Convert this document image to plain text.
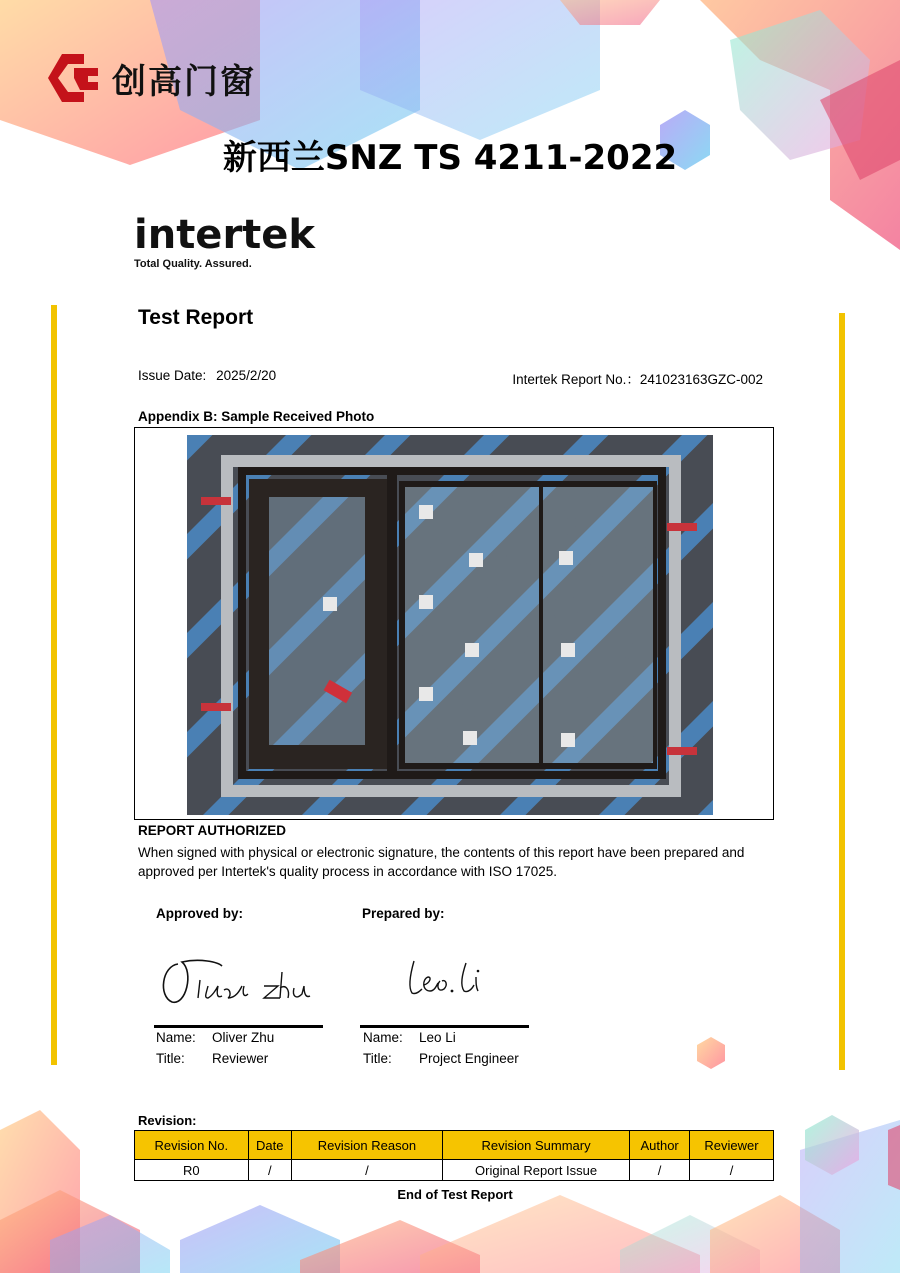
创高门窗
新西兰SNZ TS 4211-2022
intertek
Total Quality. Assured.
Test Report
Issue Date: 2025/2/20	Intertek Report No.：241023163GZC-002
Appendix B: Sample Received Photo
REPORT AUTHORIZED
When signed with physical or electronic signature, the contents of this report have been prepared and approved per Intertek's quality process in accordance with ISO 17025.
Approved by:	Prepared by:
Name: Oliver Zhu
Title: Reviewer
Name: Leo Li
Title: Project Engineer
Revision:
Revision No.	Date	Revision Reason	Revision Summary	Author	Reviewer
R0	/	/	Original Report Issue	/	/
End of Test Report
